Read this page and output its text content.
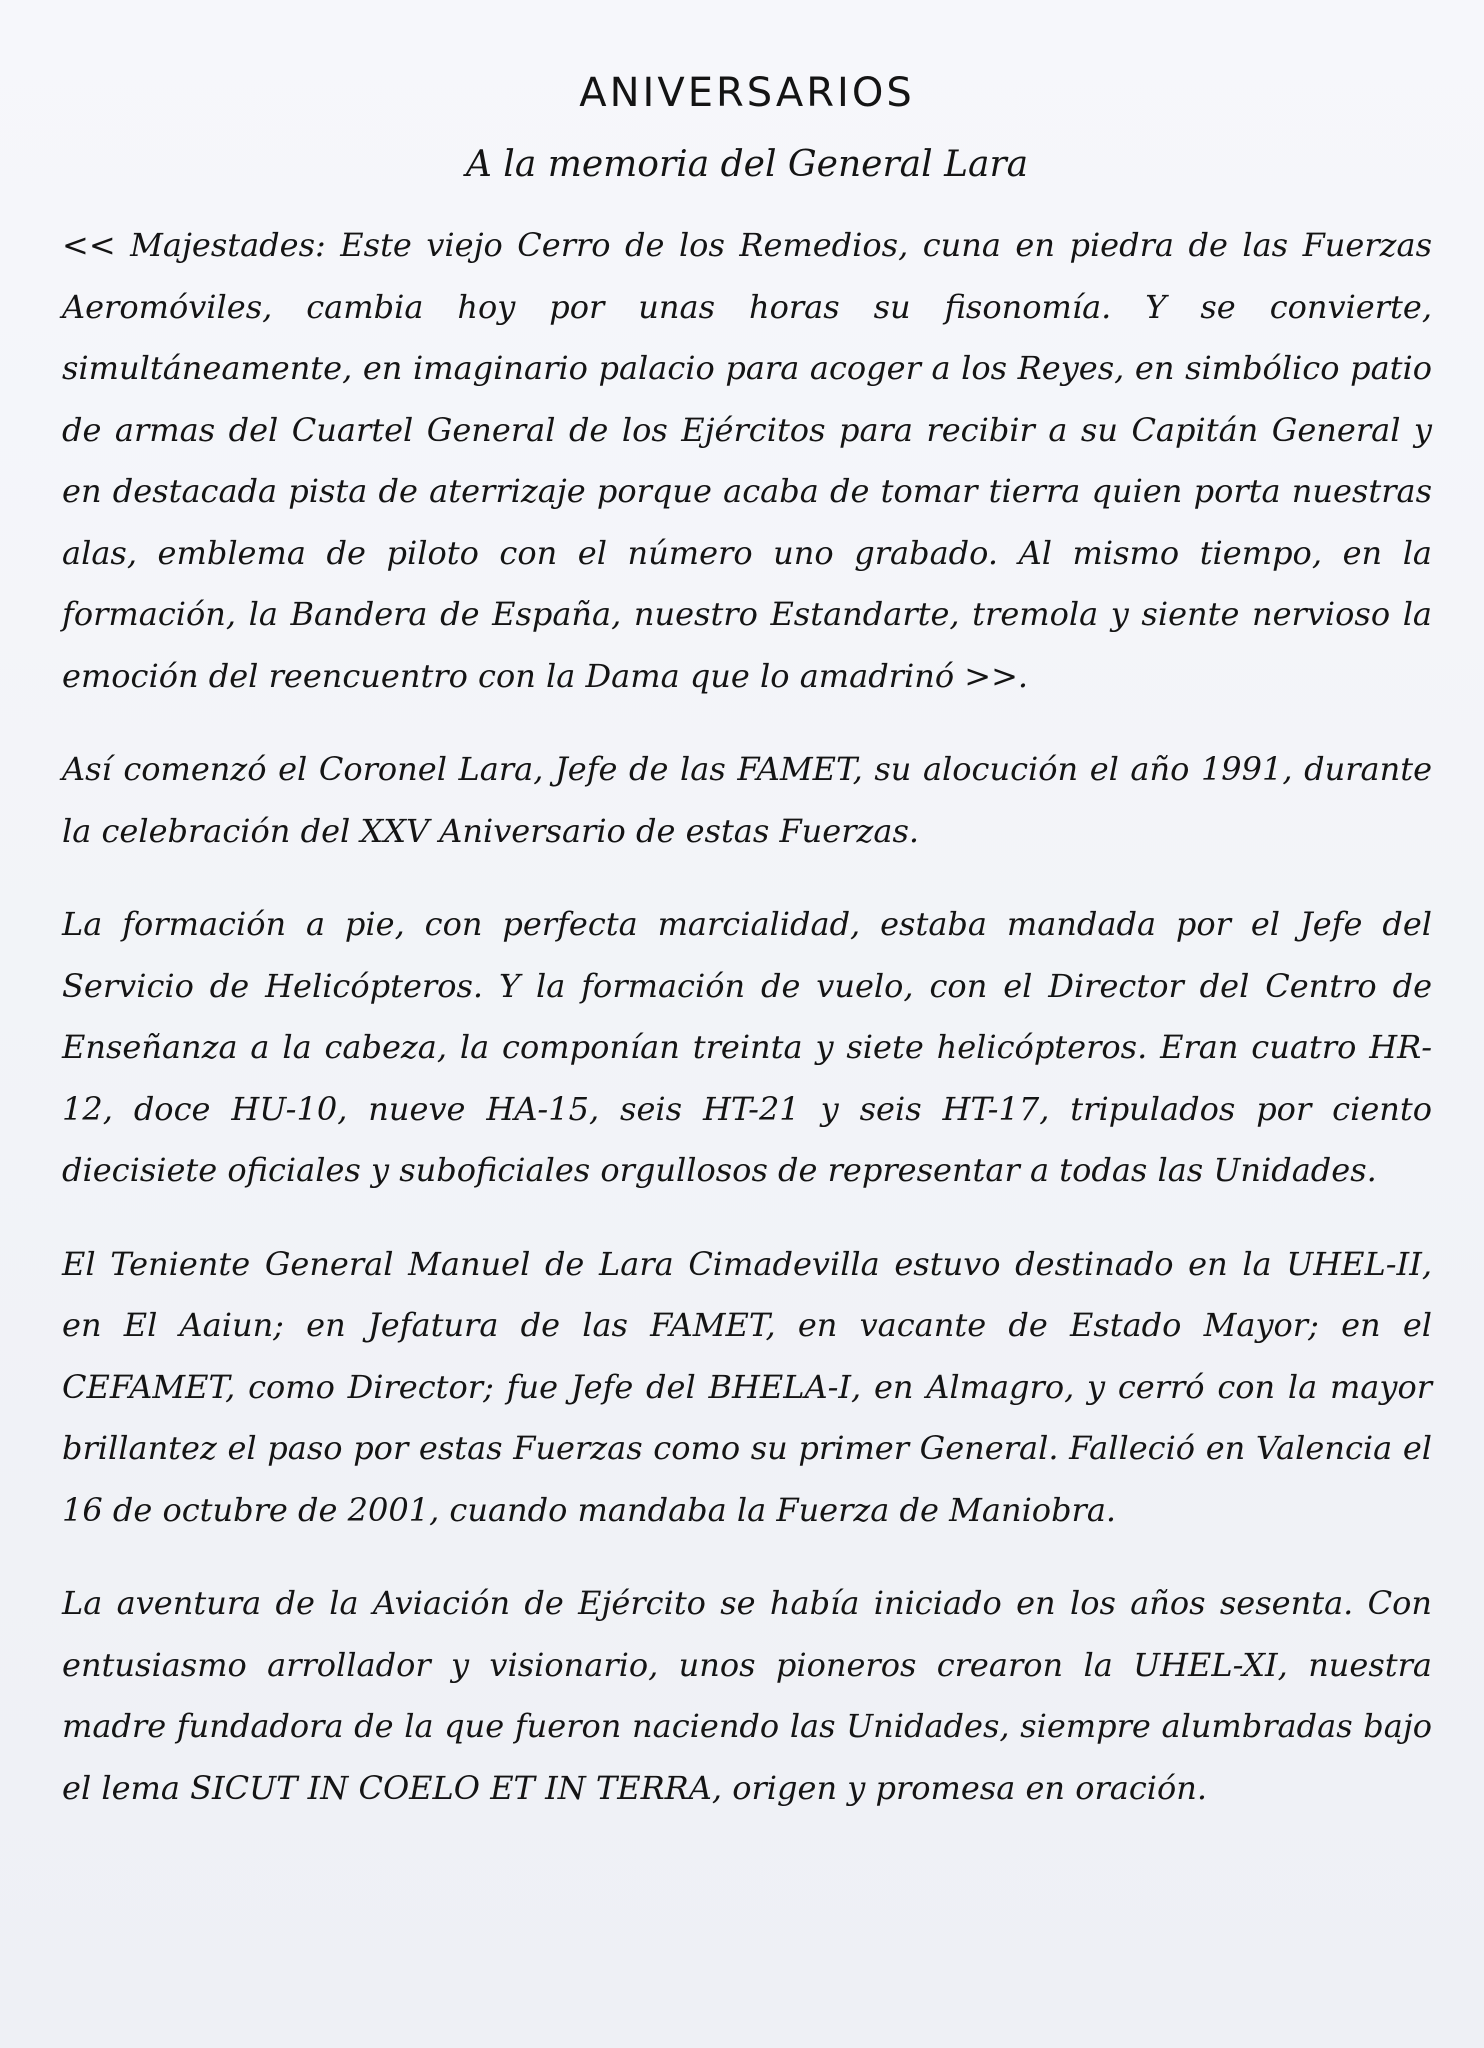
ANIVERSARIOS
A la memoria del General Lara

<< Majestades: Este viejo Cerro de los Remedios, cuna en piedra de las Fuerzas Aeromóviles, cambia hoy por unas horas su fisonomía. Y se convierte, simultáneamente, en imaginario palacio para acoger a los Reyes, en simbólico patio de armas del Cuartel General de los Ejércitos para recibir a su Capitán General y en destacada pista de aterrizaje porque acaba de tomar tierra quien porta nuestras alas, emblema de piloto con el número uno grabado. Al mismo tiempo, en la formación, la Bandera de España, nuestro Estandarte, tremola y siente nervioso la emoción del reencuentro con la Dama que lo amadrinó >>.

Así comenzó el Coronel Lara, Jefe de las FAMET, su alocución el año 1991, durante la celebración del XXV Aniversario de estas Fuerzas.

La formación a pie, con perfecta marcialidad, estaba mandada por el Jefe del Servicio de Helicópteros. Y la formación de vuelo, con el Director del Centro de Enseñanza a la cabeza, la componían treinta y siete helicópteros. Eran cuatro HR-12, doce HU-10, nueve HA-15, seis HT-21 y seis HT-17, tripulados por ciento diecisiete oficiales y suboficiales orgullosos de representar a todas las Unidades.

El Teniente General Manuel de Lara Cimadevilla estuvo destinado en la UHEL-II, en El Aaiun; en Jefatura de las FAMET, en vacante de Estado Mayor; en el CEFAMET, como Director; fue Jefe del BHELA-I, en Almagro, y cerró con la mayor brillantez el paso por estas Fuerzas como su primer General. Falleció en Valencia el 16 de octubre de 2001, cuando mandaba la Fuerza de Maniobra.

La aventura de la Aviación de Ejército se había iniciado en los años sesenta. Con entusiasmo arrollador y visionario, unos pioneros crearon la UHEL-XI, nuestra madre fundadora de la que fueron naciendo las Unidades, siempre alumbradas bajo el lema SICUT IN COELO ET IN TERRA, origen y promesa en oración.
